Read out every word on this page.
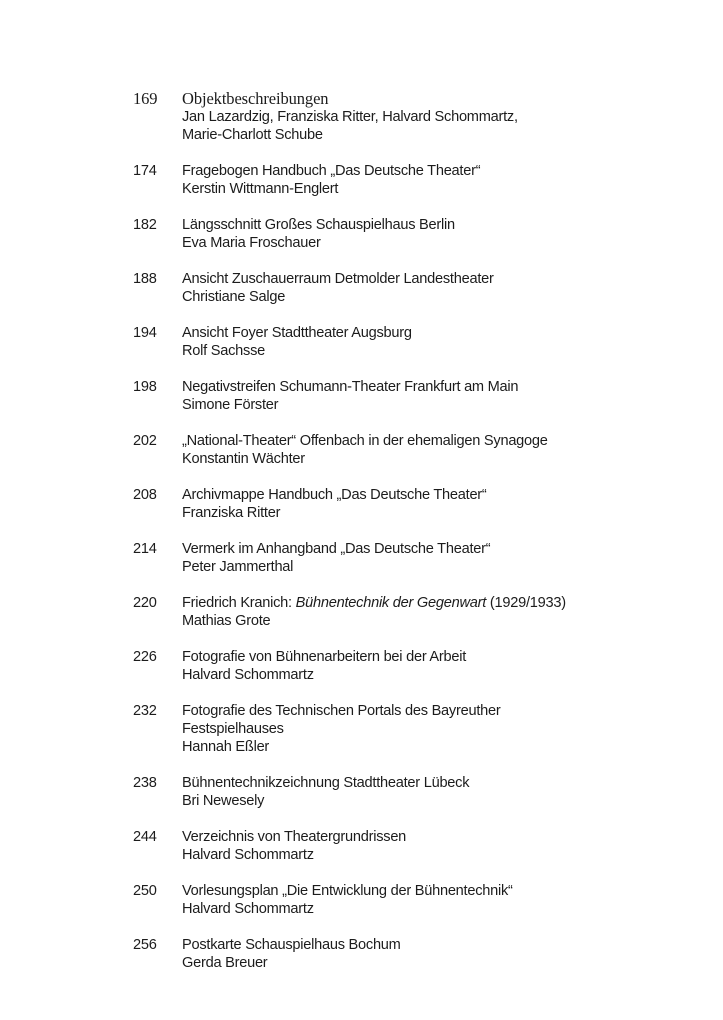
169	Objektbeschreibungen
Jan Lazardzig, Franziska Ritter, Halvard Schommartz,
Marie-Charlott Schube
174	Fragebogen Handbuch „Das Deutsche Theater“
Kerstin Wittmann-Englert
182	Längsschnitt Großes Schauspielhaus Berlin
Eva Maria Froschauer
188	Ansicht Zuschauerraum Detmolder Landestheater
Christiane Salge
194	Ansicht Foyer Stadttheater Augsburg
Rolf Sachsse
198	Negativstreifen Schumann-Theater Frankfurt am Main
Simone Förster
202	„National-Theater“ Offenbach in der ehemaligen Synagoge
Konstantin Wächter
208	Archivmappe Handbuch „Das Deutsche Theater“
Franziska Ritter
214	Vermerk im Anhangband „Das Deutsche Theater“
Peter Jammerthal
220	Friedrich Kranich: Bühnentechnik der Gegenwart (1929/1933)
Mathias Grote
226	Fotografie von Bühnenarbeitern bei der Arbeit
Halvard Schommartz
232	Fotografie des Technischen Portals des Bayreuther
Festspielhauses
Hannah Eßler
238	Bühnentechnikzeichnung Stadttheater Lübeck
Bri Newesely
244	Verzeichnis von Theatergrundrissen
Halvard Schommartz
250	Vorlesungsplan „Die Entwicklung der Bühnentechnik“
Halvard Schommartz
256	Postkarte Schauspielhaus Bochum
Gerda Breuer
